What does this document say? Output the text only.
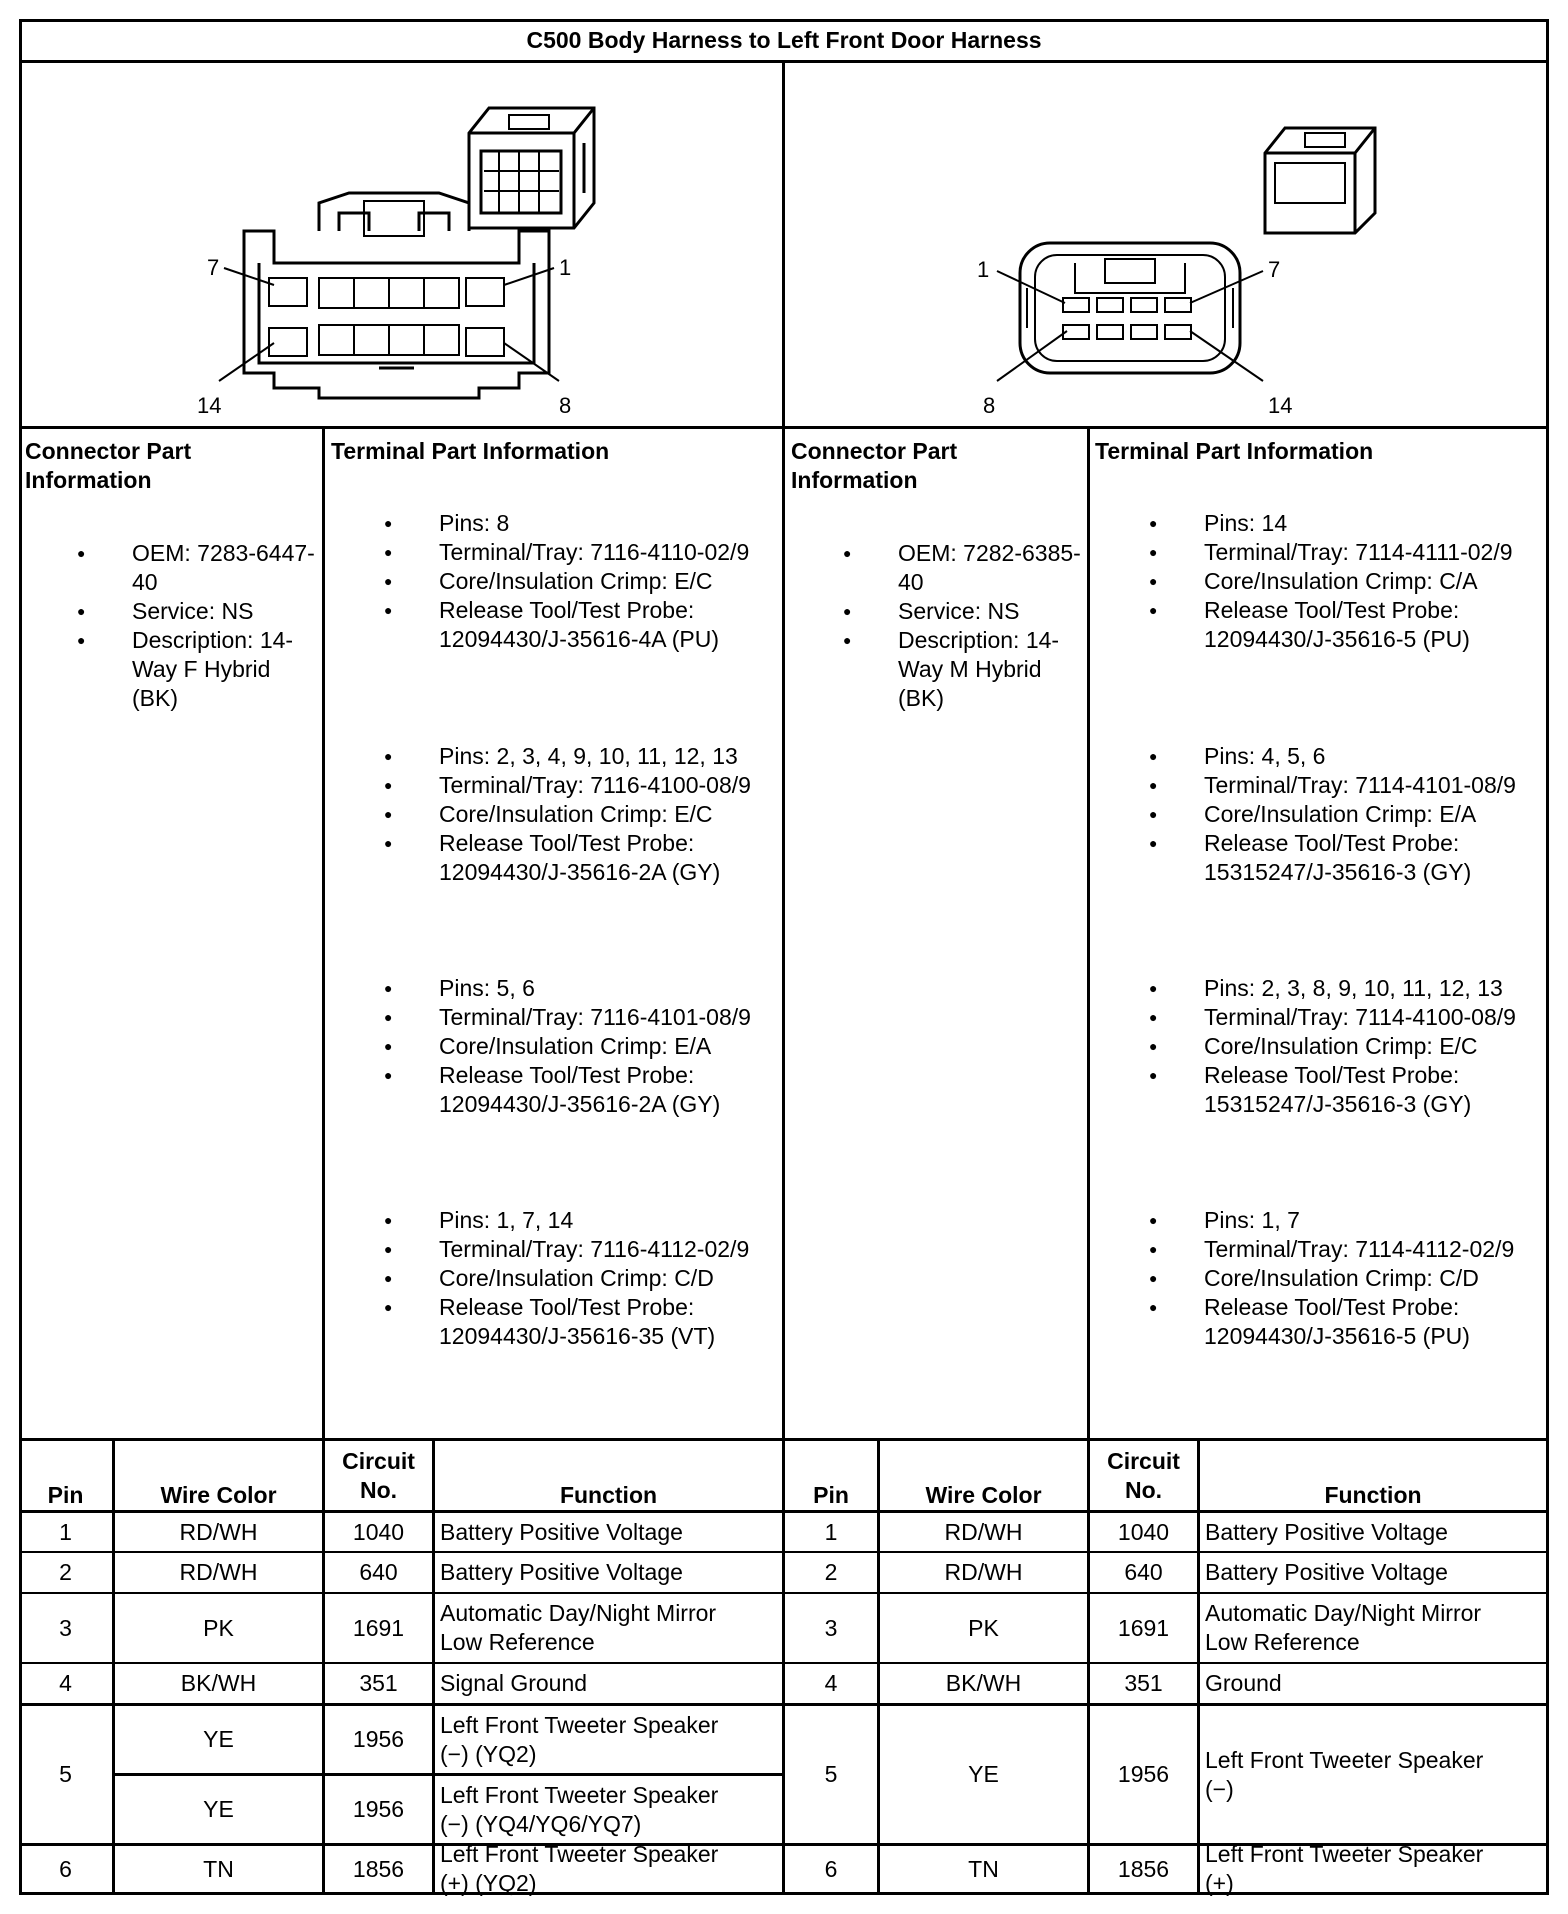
C500 Body Harness to Left Front Door Harness
7	1
14	8
1	7
8	14
Connector Part
Information
● OEM: 7283-6447-40
● Service: NS
● Description: 14-Way F Hybrid (BK)
Terminal Part Information
● Pins: 8
● Terminal/Tray: 7116-4110-02/9
● Core/Insulation Crimp: E/C
● Release Tool/Test Probe: 12094430/J-35616-4A (PU)
● Pins: 2, 3, 4, 9, 10, 11, 12, 13
● Terminal/Tray: 7116-4100-08/9
● Core/Insulation Crimp: E/C
● Release Tool/Test Probe: 12094430/J-35616-2A (GY)
● Pins: 5, 6
● Terminal/Tray: 7116-4101-08/9
● Core/Insulation Crimp: E/A
● Release Tool/Test Probe: 12094430/J-35616-2A (GY)
● Pins: 1, 7, 14
● Terminal/Tray: 7116-4112-02/9
● Core/Insulation Crimp: C/D
● Release Tool/Test Probe: 12094430/J-35616-35 (VT)
Connector Part
Information
● OEM: 7282-6385-40
● Service: NS
● Description: 14-Way M Hybrid (BK)
Terminal Part Information
● Pins: 14
● Terminal/Tray: 7114-4111-02/9
● Core/Insulation Crimp: C/A
● Release Tool/Test Probe: 12094430/J-35616-5 (PU)
● Pins: 4, 5, 6
● Terminal/Tray: 7114-4101-08/9
● Core/Insulation Crimp: E/A
● Release Tool/Test Probe: 15315247/J-35616-3 (GY)
● Pins: 2, 3, 8, 9, 10, 11, 12, 13
● Terminal/Tray: 7114-4100-08/9
● Core/Insulation Crimp: E/C
● Release Tool/Test Probe: 15315247/J-35616-3 (GY)
● Pins: 1, 7
● Terminal/Tray: 7114-4112-02/9
● Core/Insulation Crimp: C/D
● Release Tool/Test Probe: 12094430/J-35616-5 (PU)
Pin	Wire Color
Circuit
No.	Function	Pin	Wire Color
Circuit
No.	Function
1	RD/WH	1040	Battery Positive Voltage
2	RD/WH	640	Battery Positive Voltage
3	PK	1691
Automatic Day/Night Mirror
Low Reference
4	BK/WH	351	Signal Ground
5
YE	1956
Left Front Tweeter Speaker
(−) (YQ2)
YE	1956
Left Front Tweeter Speaker
(−) (YQ4/YQ6/YQ7)
6	TN	1856
Left Front Tweeter Speaker
(+) (YQ2)
1	RD/WH	1040	Battery Positive Voltage
2	RD/WH	640	Battery Positive Voltage
3	PK	1691
Automatic Day/Night Mirror
Low Reference
4	BK/WH	351	Ground
5	YE	1956
Left Front Tweeter Speaker
(−)
6	TN	1856
Left Front Tweeter Speaker
(+)
